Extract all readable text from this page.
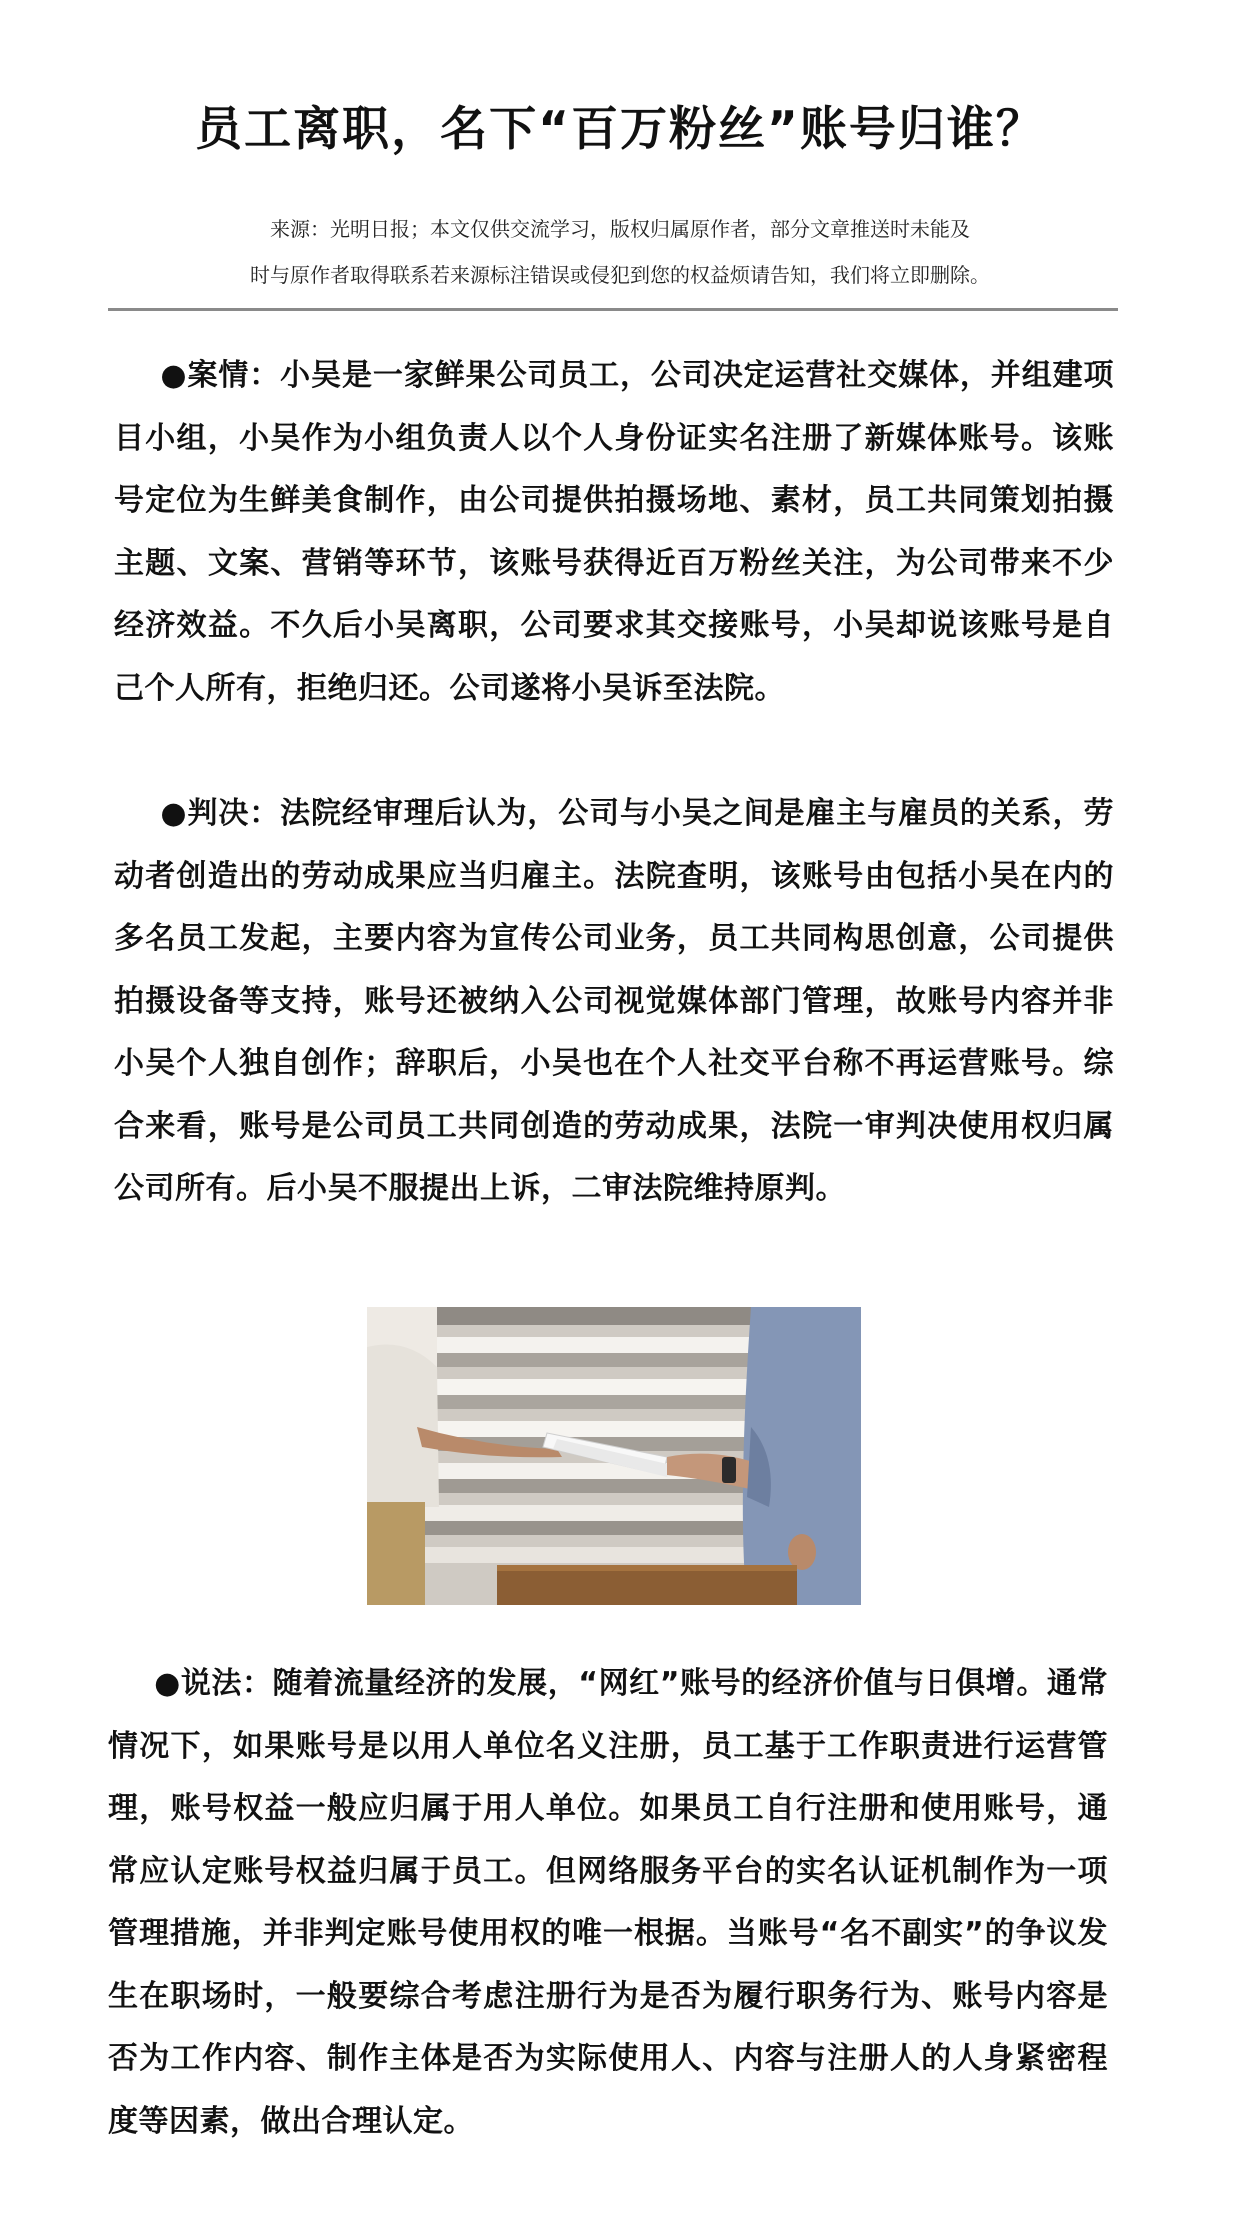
员工离职，名下“百万粉丝”账号归谁？
来源：光明日报；本文仅供交流学习，版权归属原作者，部分文章推送时未能及
时与原作者取得联系若来源标注错误或侵犯到您的权益烦请告知，我们将立即删除。
●案情：小吴是一家鲜果公司员工，公司决定运营社交媒体，并组建项目小组，小吴作为小组负责人以个人身份证实名注册了新媒体账号。该账号定位为生鲜美食制作，由公司提供拍摄场地、素材，员工共同策划拍摄主题、文案、营销等环节，该账号获得近百万粉丝关注，为公司带来不少经济效益。不久后小吴离职，公司要求其交接账号，小吴却说该账号是自己个人所有，拒绝归还。公司遂将小吴诉至法院。
●判决：法院经审理后认为，公司与小吴之间是雇主与雇员的关系，劳动者创造出的劳动成果应当归雇主。法院查明，该账号由包括小吴在内的多名员工发起，主要内容为宣传公司业务，员工共同构思创意，公司提供拍摄设备等支持，账号还被纳入公司视觉媒体部门管理，故账号内容并非小吴个人独自创作；辞职后，小吴也在个人社交平台称不再运营账号。综合来看，账号是公司员工共同创造的劳动成果，法院一审判决使用权归属公司所有。后小吴不服提出上诉，二审法院维持原判。
●说法：随着流量经济的发展，“网红”账号的经济价值与日俱增。通常情况下，如果账号是以用人单位名义注册，员工基于工作职责进行运营管理，账号权益一般应归属于用人单位。如果员工自行注册和使用账号，通常应认定账号权益归属于员工。但网络服务平台的实名认证机制作为一项管理措施，并非判定账号使用权的唯一根据。当账号“名不副实”的争议发生在职场时，一般要综合考虑注册行为是否为履行职务行为、账号内容是否为工作内容、制作主体是否为实际使用人、内容与注册人的人身紧密程度等因素，做出合理认定。
